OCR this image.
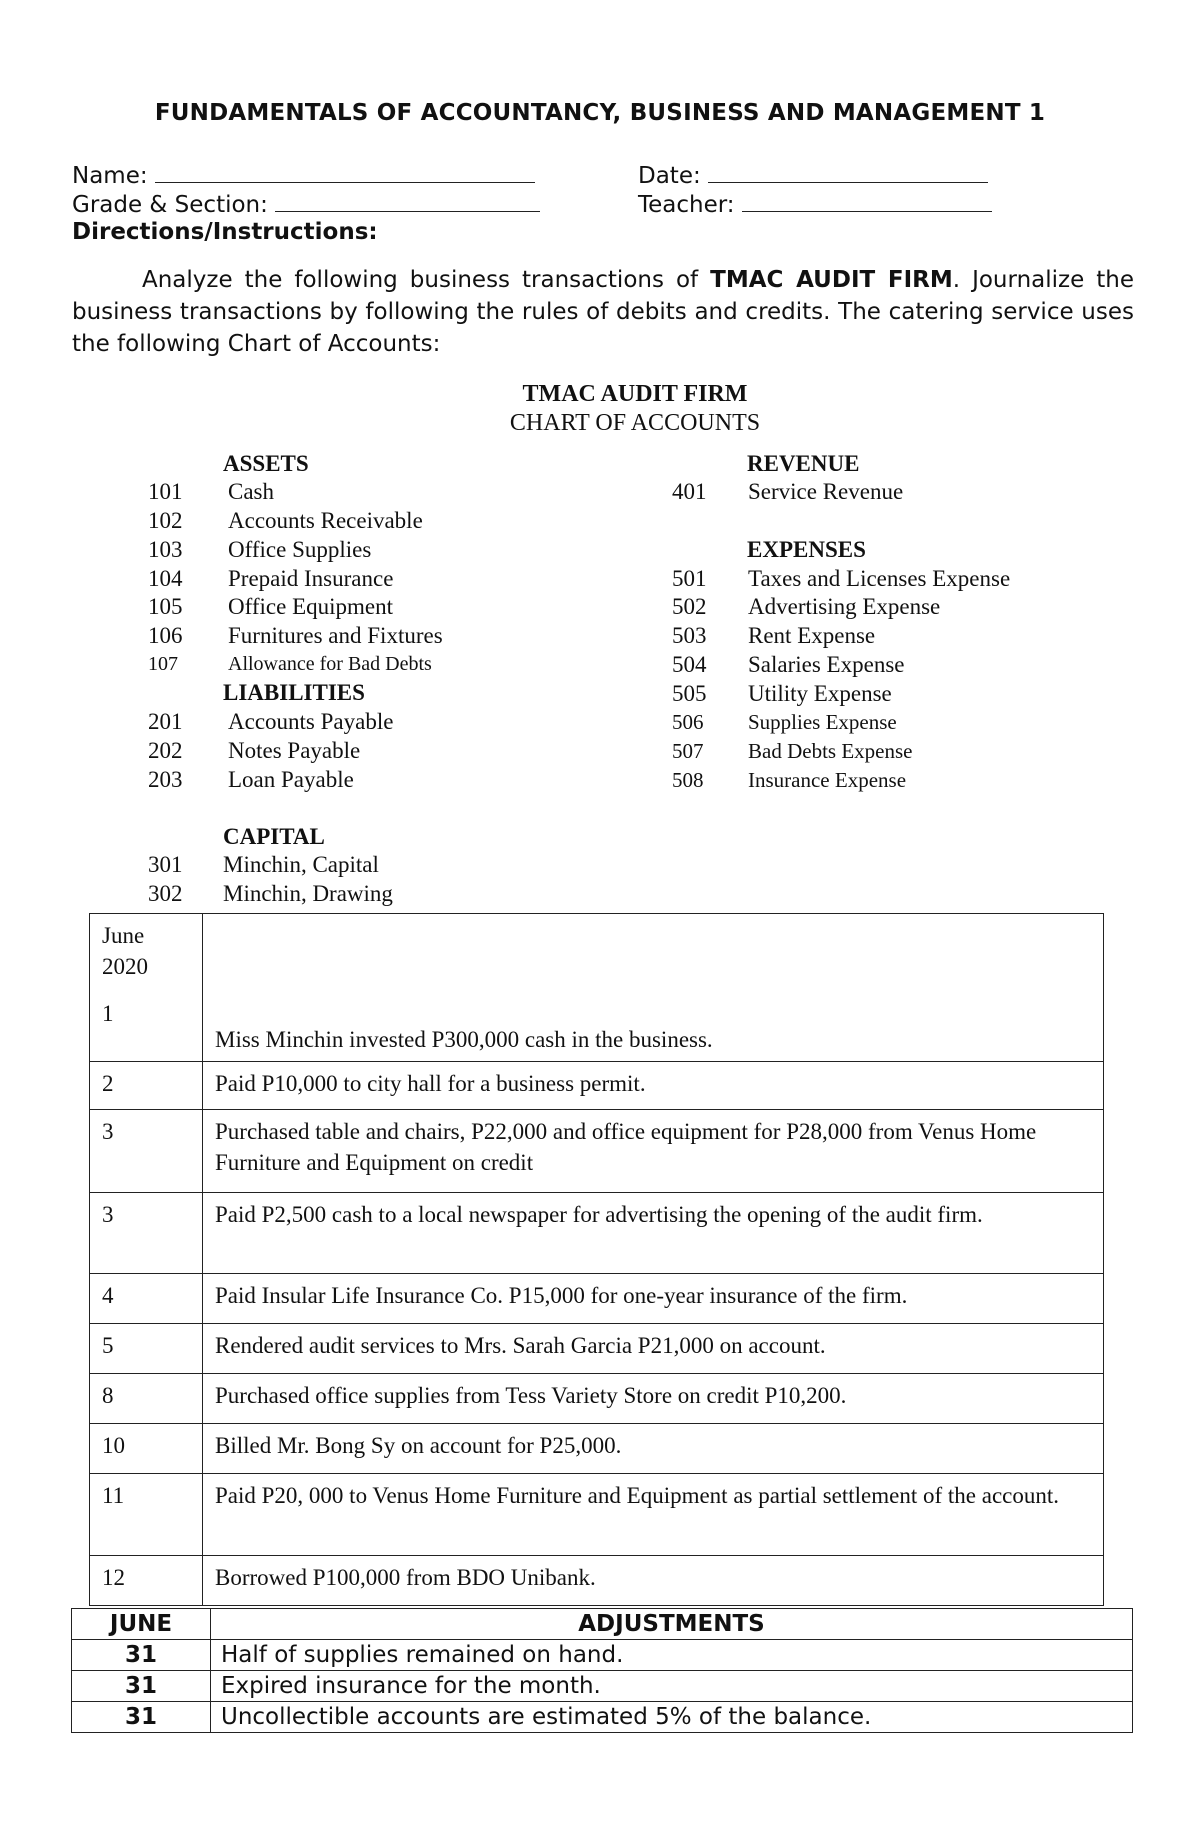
FUNDAMENTALS OF ACCOUNTANCY, BUSINESS AND MANAGEMENT 1
Name:	Date:
Grade & Section:	Teacher:
Directions/Instructions:
Analyze the following business transactions of TMAC AUDIT FIRM. Journalize the business transactions by following the rules of debits and credits. The catering service uses the following Chart of Accounts:
TMAC AUDIT FIRM
CHART OF ACCOUNTS
ASSETS
101 Cash
102 Accounts Receivable
103 Office Supplies
104 Prepaid Insurance
105 Office Equipment
106 Furnitures and Fixtures
107	Allowance for Bad Debts
LIABILITIES
201 Accounts Payable
202 Notes Payable
203 Loan Payable
CAPITAL
301 Minchin, Capital
302 Minchin, Drawing
REVENUE
401 Service Revenue
EXPENSES
501 Taxes and Licenses Expense
502 Advertising Expense
503 Rent Expense
504 Salaries Expense
505 Utility Expense
506 Supplies Expense
507 Bad Debts Expense
508 Insurance Expense
June
2020
1	Miss Minchin invested P300,000 cash in the business.
2	Paid P10,000 to city hall for a business permit.
3	Purchased table and chairs, P22,000 and office equipment for P28,000 from Venus Home Furniture and Equipment on credit
3	Paid P2,500 cash to a local newspaper for advertising the opening of the audit firm.
4	Paid Insular Life Insurance Co. P15,000 for one-year insurance of the firm.
5	Rendered audit services to Mrs. Sarah Garcia P21,000 on account.
8	Purchased office supplies from Tess Variety Store on credit P10,200.
10	Billed Mr. Bong Sy on account for P25,000.
11	Paid P20, 000 to Venus Home Furniture and Equipment as partial settlement of the account.
12	Borrowed P100,000 from BDO Unibank.
JUNE	ADJUSTMENTS
31	Half of supplies remained on hand.
31	Expired insurance for the month.
31	Uncollectible accounts are estimated 5% of the balance.
